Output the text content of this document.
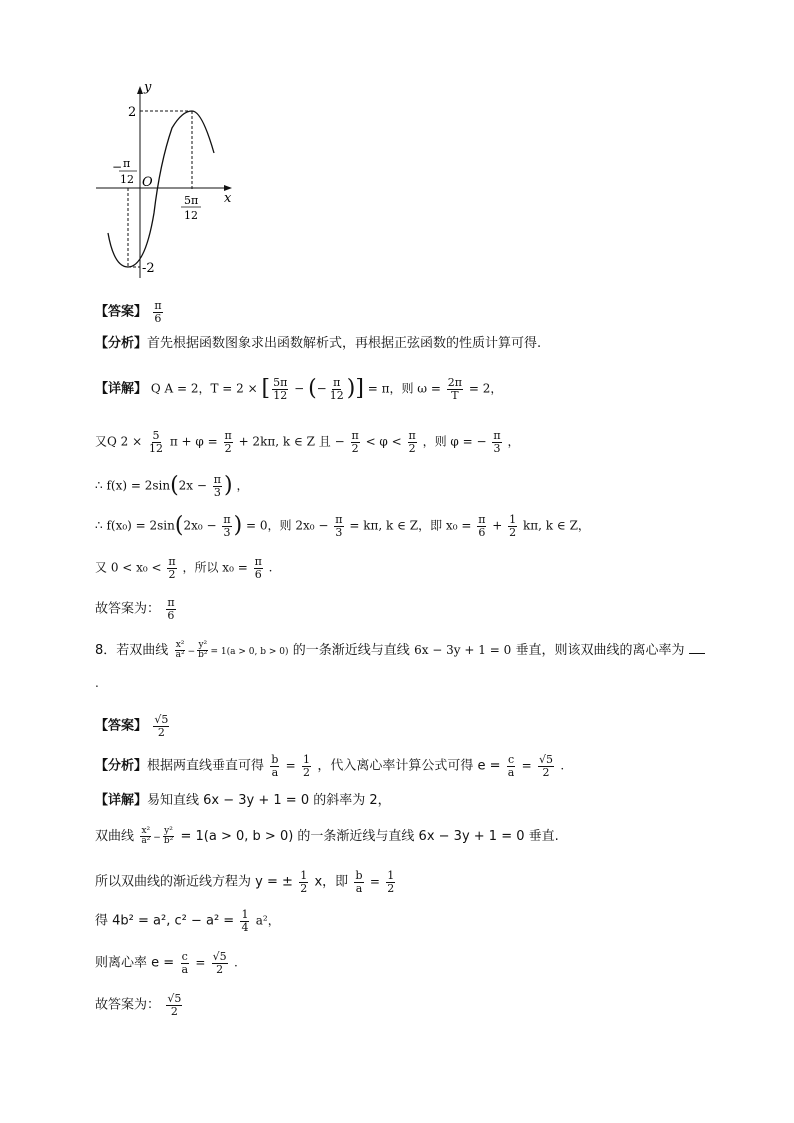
y
x
O
2
-2
− π
12
5π
12
【答案】 $\frac{\pi}{6}$
【分析】首先根据函数图象求出函数解析式，再根据正弦函数的性质计算可得.
【详解】 Q A = 2，T = 2 × [ $\frac{5\pi}{12}$ − (− $\frac{\pi}{12}$ )] = π，则 $\omega = \frac{2\pi}{T} = 2$，
又Q $2 \times \frac{5}{12}$ $\pi + \varphi = \frac{\pi}{2} + 2k\pi$, k ∈ Z 且 − $\frac{\pi}{2} < \varphi < \frac{\pi}{2}$ ，则 φ = − $\frac{\pi}{3}$ ，
∴ $f(x) = 2\sin(2x - \frac{\pi}{3}$ ) ，
∴ $f(x_0) = 2\sin(2x_0 - \frac{\pi}{3}$ ) = 0，则 $2x_0 - \frac{\pi}{3} = k\pi$, k ∈ Z，即 $x_0 = \frac{\pi}{6} + \frac{1}{2} k\pi$, k ∈ Z，
又 $0 < x_0 < \frac{\pi}{2}$ ，所以 $x_0 = \frac{\pi}{6}$ .
故答案为： $\frac{\pi}{6}$
8．若双曲线 $\frac{\text{x²}}{\text{a²}} - \frac{\text{y²}}{\text{b²}} = 1(a > 0$, b > 0) 的一条渐近线与直线 6x − 3y + 1 = 0 垂直，则该双曲线的离心率为
.
【答案】 $\frac{√5}{2}$
【分析】根据两直线垂直可得 $\frac{b}{a} = \frac{1}{2}$ ，代入离心率计算公式可得 $e = \frac{c}{a} = \frac{√5}{2}$ .
【详解】易知直线 6x − 3y + 1 = 0 的斜率为 2，
双曲线 $\frac{\text{x²}}{\text{a²}} - \frac{\text{y²}}{\text{b²}} = 1(a > 0$, b > 0) 的一条渐近线与直线 6x − 3y + 1 = 0 垂直.
所以双曲线的渐近线方程为 y = ± $\frac{1}{2}$ x，即 $\frac{b}{a} = \frac{1}{2}$
得 4b² = a², $c^2 - a^2 = \frac{1}{4} a^2$，
则离心率 $e = \frac{c}{a} = \frac{√5}{2}$ .
故答案为： $\frac{√5}{2}$
